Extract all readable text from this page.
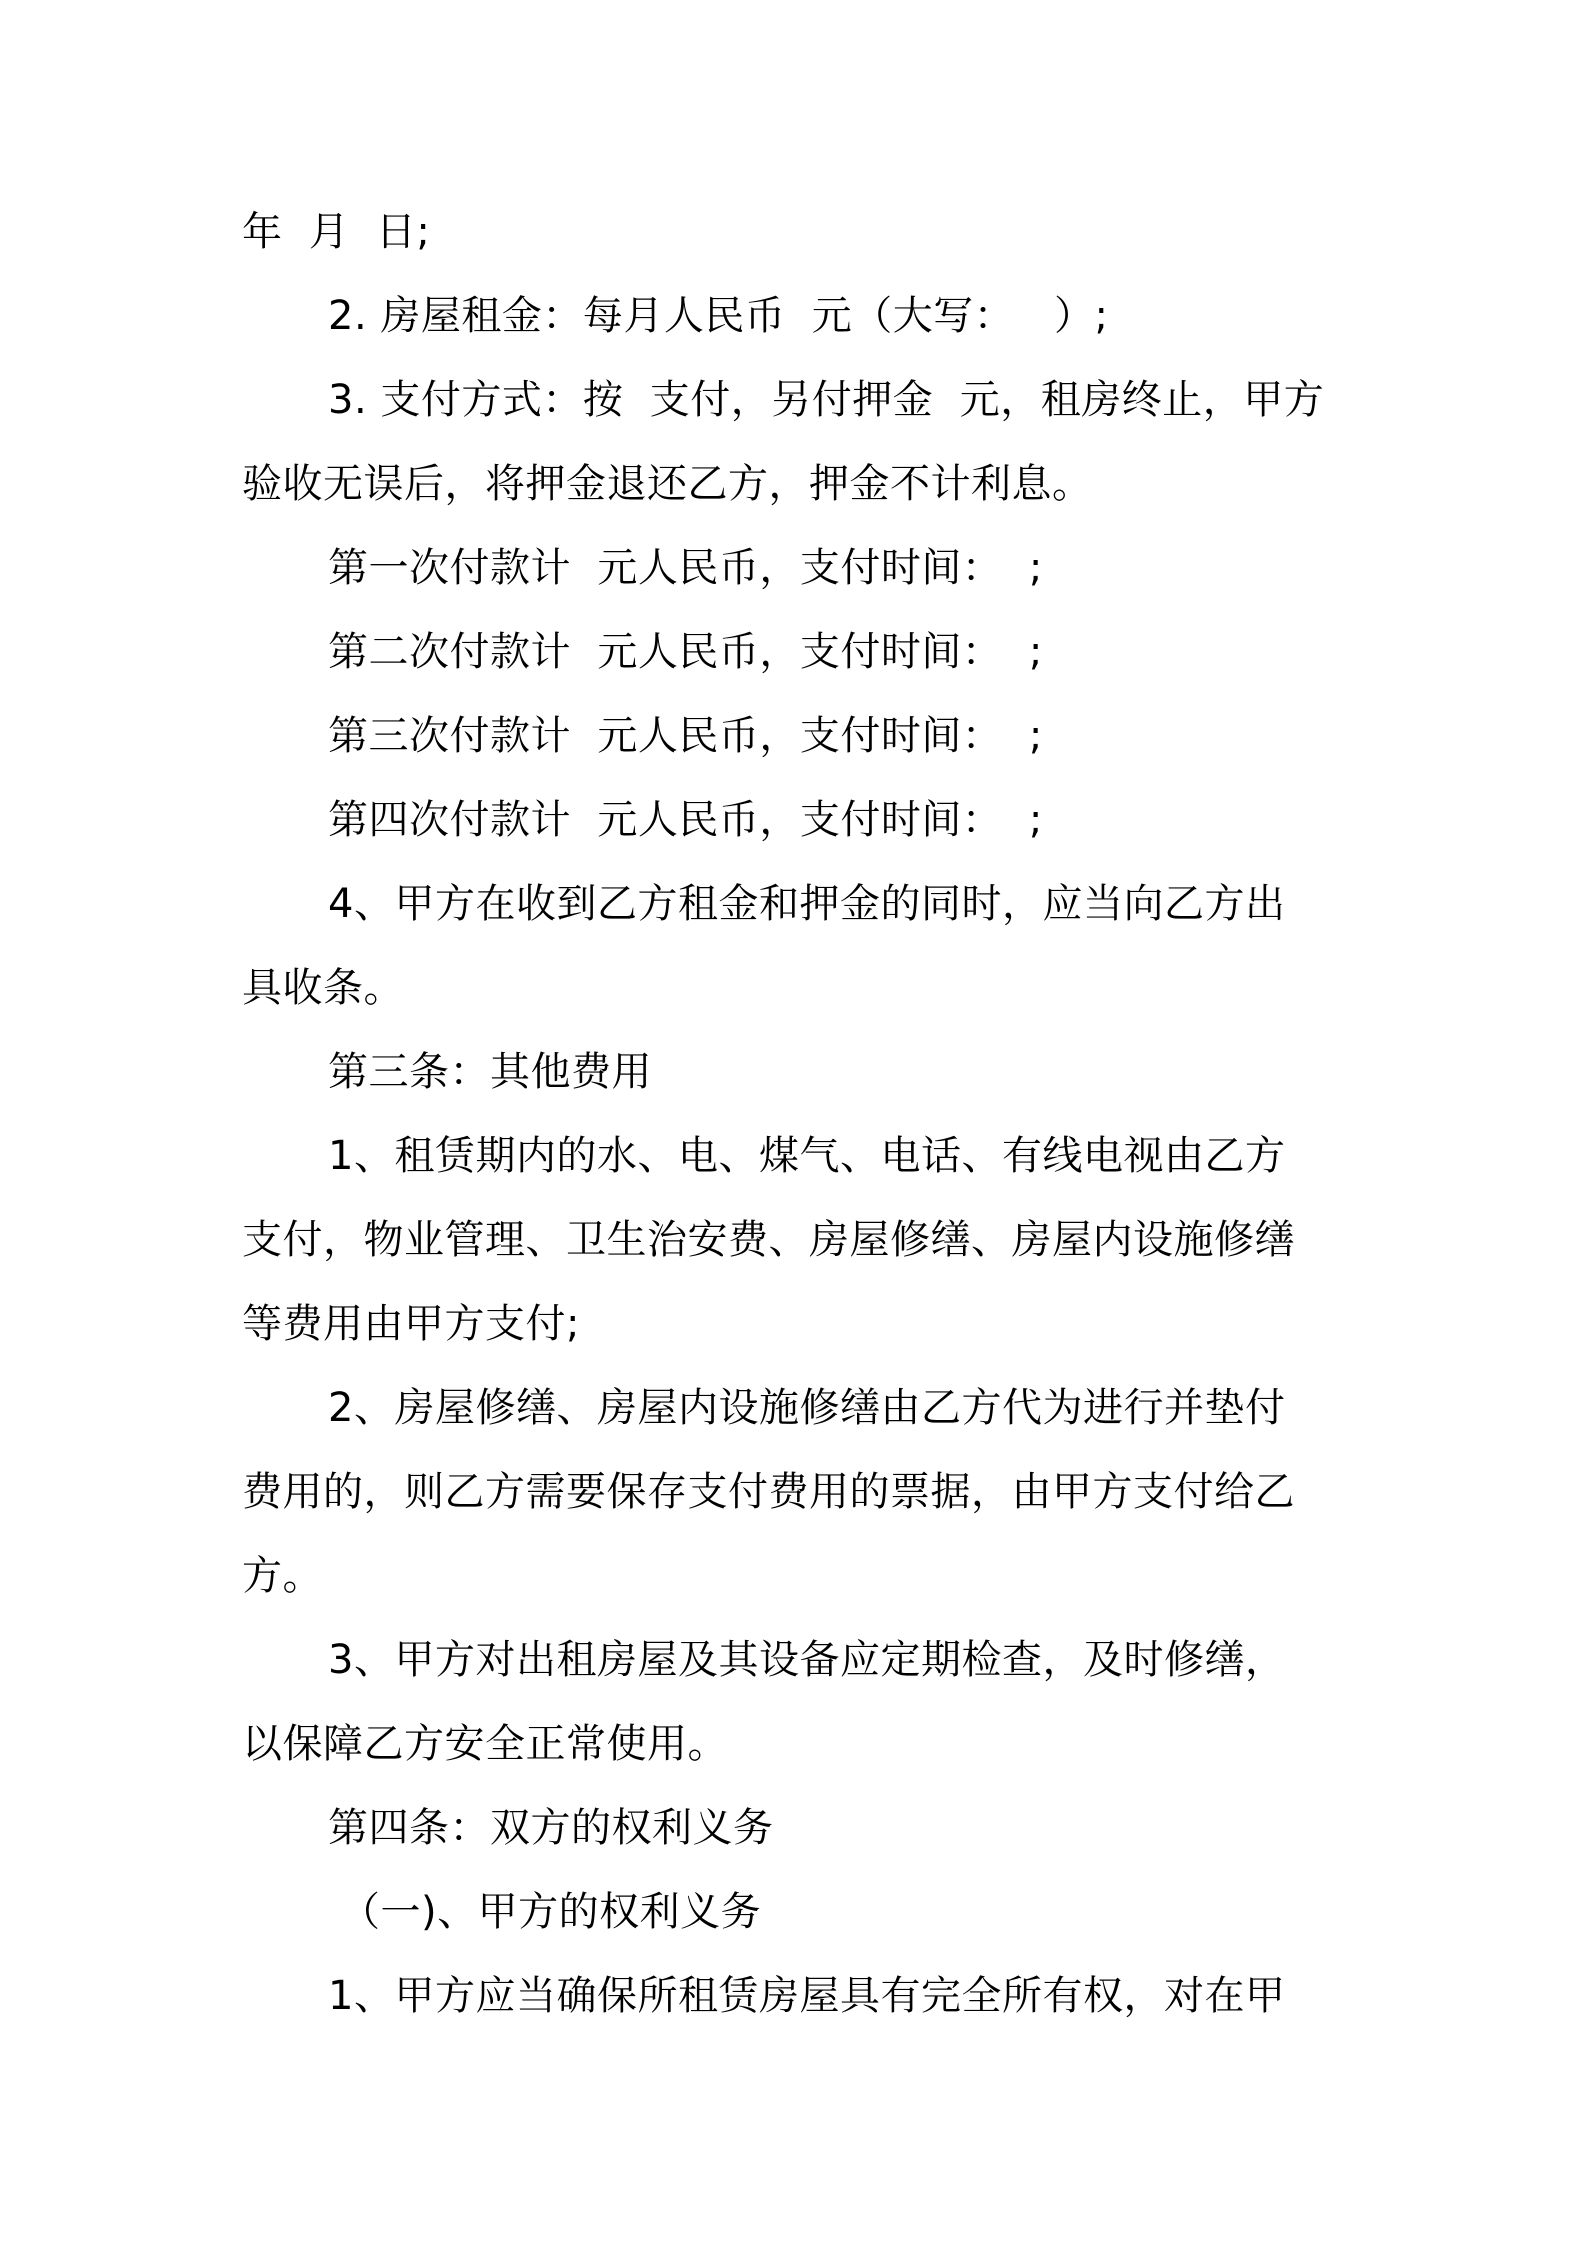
年  月  日;
2. 房屋租金：每月人民币  元（大写：   ）;
3. 支付方式：按  支付，另付押金  元，租房终止，甲方
验收无误后，将押金退还乙方，押金不计利息。
第一次付款计  元人民币，支付时间：  ;
第二次付款计  元人民币，支付时间：  ;
第三次付款计  元人民币，支付时间：  ;
第四次付款计  元人民币，支付时间：  ;
4、甲方在收到乙方租金和押金的同时，应当向乙方出
具收条。
第三条：其他费用
1、租赁期内的水、电、煤气、电话、有线电视由乙方
支付，物业管理、卫生治安费、房屋修缮、房屋内设施修缮
等费用由甲方支付;
2、房屋修缮、房屋内设施修缮由乙方代为进行并垫付
费用的，则乙方需要保存支付费用的票据，由甲方支付给乙
方。
3、甲方对出租房屋及其设备应定期检查，及时修缮，
以保障乙方安全正常使用。
第四条：双方的权利义务
（一)、甲方的权利义务
1、甲方应当确保所租赁房屋具有完全所有权，对在甲
